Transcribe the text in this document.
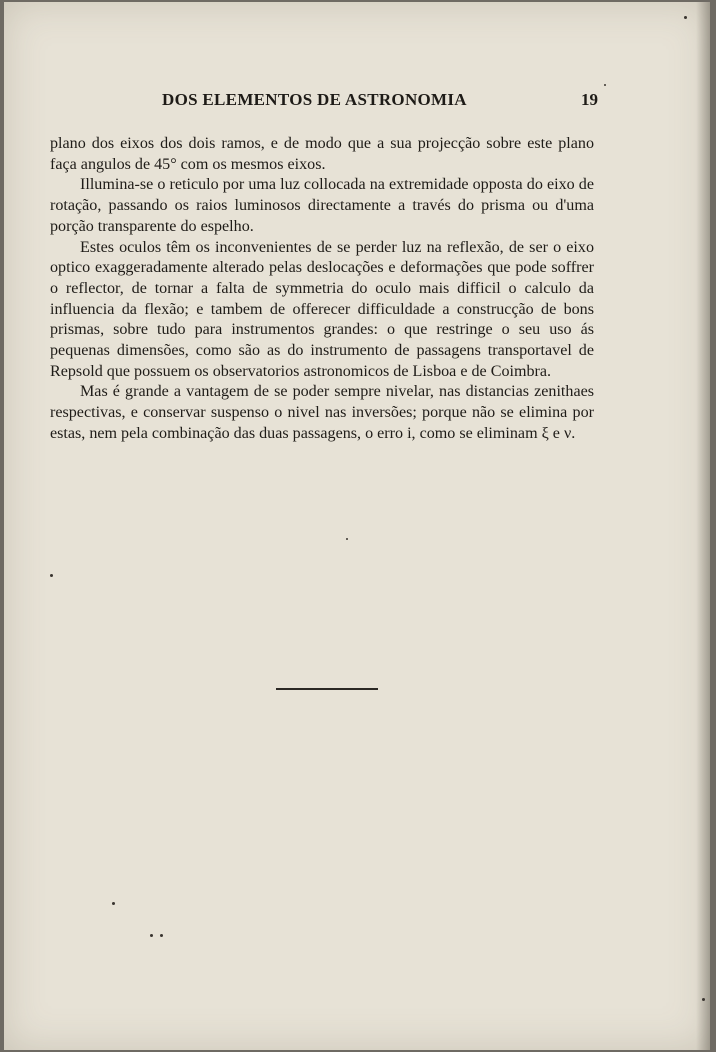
DOS ELEMENTOS DE ASTRONOMIA	19

plano dos eixos dos dois ramos, e de modo que a sua projecção sobre este plano faça angulos de 45° com os mesmos eixos.

Illumina-se o reticulo por uma luz collocada na extremidade opposta do eixo de rotação, passando os raios luminosos directamente a través do prisma ou d'uma porção transparente do espelho.

Estes oculos têm os inconvenientes de se perder luz na reflexão, de ser o eixo optico exaggeradamente alterado pelas deslocações e deformações que pode soffrer o reflector, de tornar a falta de symmetria do oculo mais difficil o calculo da influencia da flexão; e tambem de offerecer difficuldade a construcção de bons prismas, sobre tudo para instrumentos grandes: o que restringe o seu uso ás pequenas dimensões, como são as do instrumento de passagens transportavel de Repsold que possuem os observatorios astronomicos de Lisboa e de Coimbra.

Mas é grande a vantagem de se poder sempre nivelar, nas distancias zenithaes respectivas, e conservar suspenso o nivel nas inversões; porque não se elimina por estas, nem pela combinação das duas passagens, o erro i, como se eliminam ξ e ν.
